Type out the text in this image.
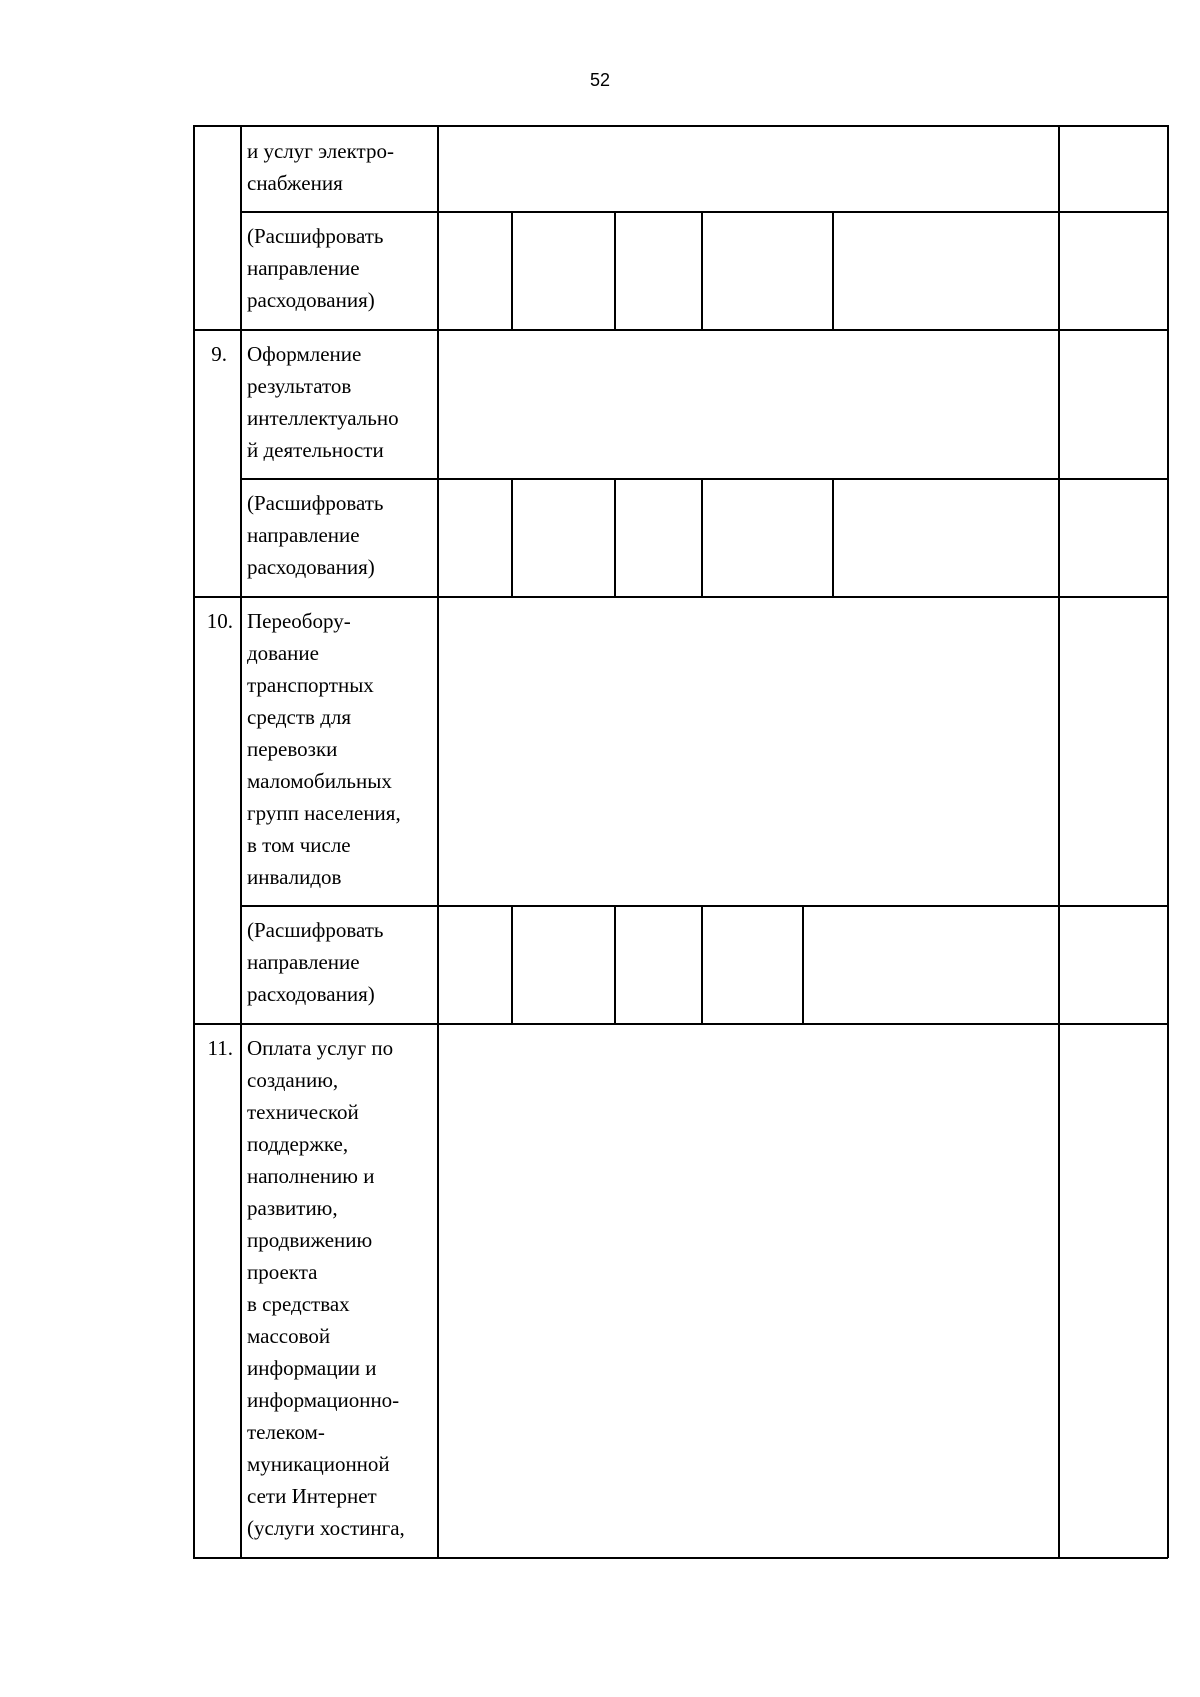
52

9.

10.

11.

и услуг электро-
снабжения

(Расшифровать
направление
расходования)

Оформление
результатов
интеллектуально
й деятельности

(Расшифровать
направление
расходования)

Переобору-
дование
транспортных
средств для
перевозки
маломобильных
групп населения,
в том числе
инвалидов

(Расшифровать
направление
расходования)

Оплата услуг по
созданию,
технической
поддержке,
наполнению и
развитию,
продвижению
проекта
в средствах
массовой
информации и
информационно-
телеком-
муникационной
сети Интернет
(услуги хостинга,
